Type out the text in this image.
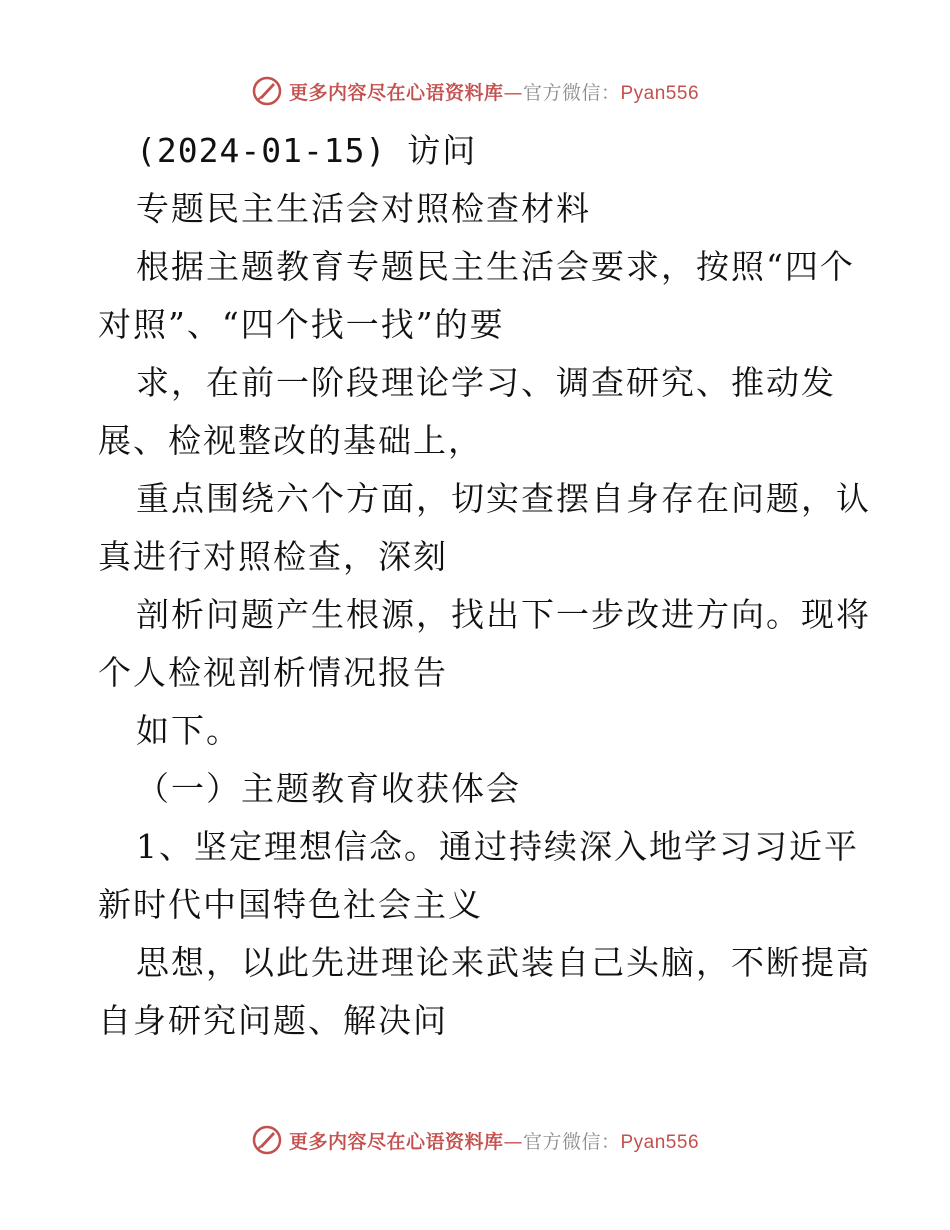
更多内容尽在心语资料库—官方微信：Pyan556
(2024-01-15) 访问
专题民主生活会对照检查材料
根据主题教育专题民主生活会要求，按照“四个
对照”、“四个找一找”的要
求，在前一阶段理论学习、调查研究、推动发
展、检视整改的基础上，
重点围绕六个方面，切实查摆自身存在问题，认
真进行对照检查，深刻
剖析问题产生根源，找出下一步改进方向。现将
个人检视剖析情况报告
如下。
（一）主题教育收获体会
1、坚定理想信念。通过持续深入地学习习近平
新时代中国特色社会主义
思想，以此先进理论来武装自己头脑，不断提高
自身研究问题、解决问
更多内容尽在心语资料库—官方微信：Pyan556
